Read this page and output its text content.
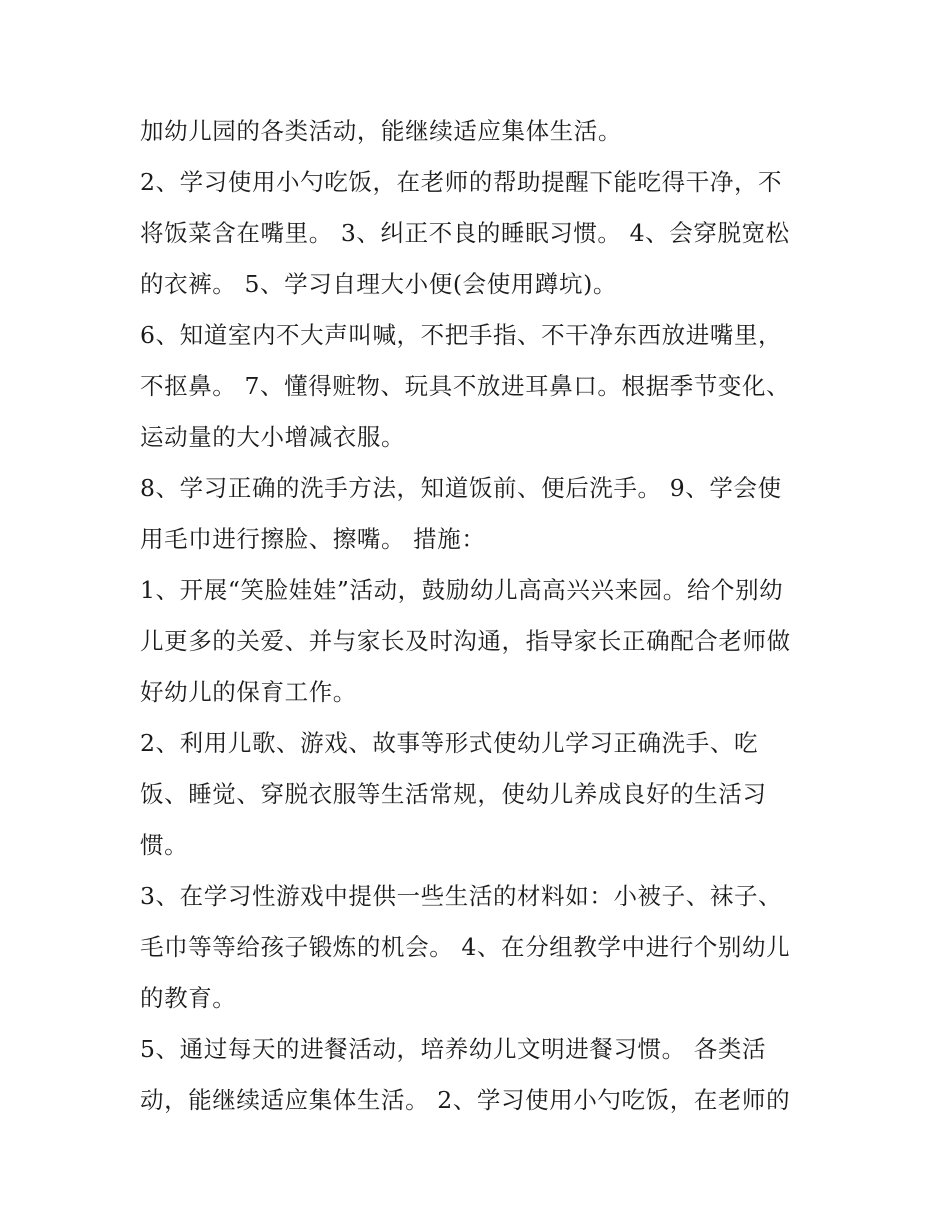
加幼儿园的各类活动，能继续适应集体生活。
2、学习使用小勺吃饭，在老师的帮助提醒下能吃得干净，不
将饭菜含在嘴里。 3、纠正不良的睡眠习惯。 4、会穿脱宽松
的衣裤。 5、学习自理大小便(会使用蹲坑)。
6、知道室内不大声叫喊，不把手指、不干净东西放进嘴里，
不抠鼻。 7、懂得赃物、玩具不放进耳鼻口。根据季节变化、
运动量的大小增减衣服。
8、学习正确的洗手方法，知道饭前、便后洗手。 9、学会使
用毛巾进行擦脸、擦嘴。 措施：
1、开展“笑脸娃娃”活动，鼓励幼儿高高兴兴来园。给个别幼
儿更多的关爱、并与家长及时沟通，指导家长正确配合老师做
好幼儿的保育工作。
2、利用儿歌、游戏、故事等形式使幼儿学习正确洗手、吃
饭、睡觉、穿脱衣服等生活常规，使幼儿养成良好的生活习
惯。
3、在学习性游戏中提供一些生活的材料如：小被子、袜子、
毛巾等等给孩子锻炼的机会。 4、在分组教学中进行个别幼儿
的教育。
5、通过每天的进餐活动，培养幼儿文明进餐习惯。 各类活
动，能继续适应集体生活。 2、学习使用小勺吃饭，在老师的
